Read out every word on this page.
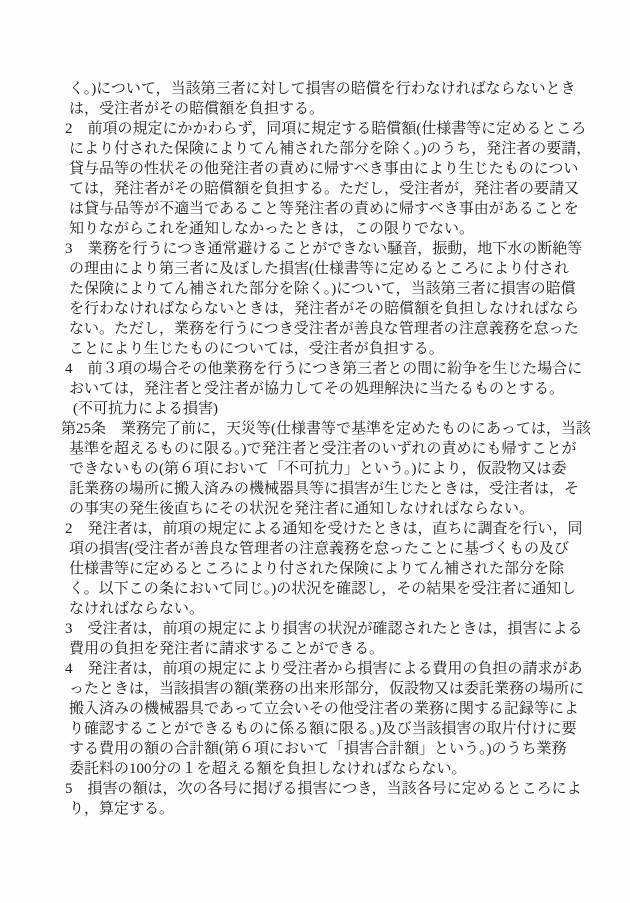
く。)について，当該第三者に対して損害の賠償を行わなければならないとき
は，受注者がその賠償額を負担する。
2　前項の規定にかかわらず，同項に規定する賠償額(仕様書等に定めるところ
により付された保険によりてん補された部分を除く。)のうち，発注者の要請，
貸与品等の性状その他発注者の責めに帰すべき事由により生じたものについ
ては，発注者がその賠償額を負担する。ただし，受注者が，発注者の要請又
は貸与品等が不適当であること等発注者の責めに帰すべき事由があることを
知りながらこれを通知しなかったときは，この限りでない。
3　業務を行うにつき通常避けることができない騒音，振動，地下水の断絶等
の理由により第三者に及ぼした損害(仕様書等に定めるところにより付され
た保険によりてん補された部分を除く。)について，当該第三者に損害の賠償
を行わなければならないときは，発注者がその賠償額を負担しなければなら
ない。ただし，業務を行うにつき受注者が善良な管理者の注意義務を怠った
ことにより生じたものについては，受注者が負担する。
4　前３項の場合その他業務を行うにつき第三者との間に紛争を生じた場合に
おいては，発注者と受注者が協力してその処理解決に当たるものとする。
(不可抗力による損害)
第25条　業務完了前に，天災等(仕様書等で基準を定めたものにあっては，当該
基準を超えるものに限る。)で発注者と受注者のいずれの責めにも帰すことが
できないもの(第６項において「不可抗力」という。)により，仮設物又は委
託業務の場所に搬入済みの機械器具等に損害が生じたときは，受注者は，そ
の事実の発生後直ちにその状況を発注者に通知しなければならない。
2　発注者は，前項の規定による通知を受けたときは，直ちに調査を行い，同
項の損害(受注者が善良な管理者の注意義務を怠ったことに基づくもの及び
仕様書等に定めるところにより付された保険によりてん補された部分を除
く。以下この条において同じ。)の状況を確認し，その結果を受注者に通知し
なければならない。
3　受注者は，前項の規定により損害の状況が確認されたときは，損害による
費用の負担を発注者に請求することができる。
4　発注者は，前項の規定により受注者から損害による費用の負担の請求があ
ったときは，当該損害の額(業務の出来形部分，仮設物又は委託業務の場所に
搬入済みの機械器具であって立会いその他受注者の業務に関する記録等によ
り確認することができるものに係る額に限る。)及び当該損害の取片付けに要
する費用の額の合計額(第６項において「損害合計額」という。)のうち業務
委託料の100分の１を超える額を負担しなければならない。
5　損害の額は，次の各号に掲げる損害につき，当該各号に定めるところによ
り，算定する。
